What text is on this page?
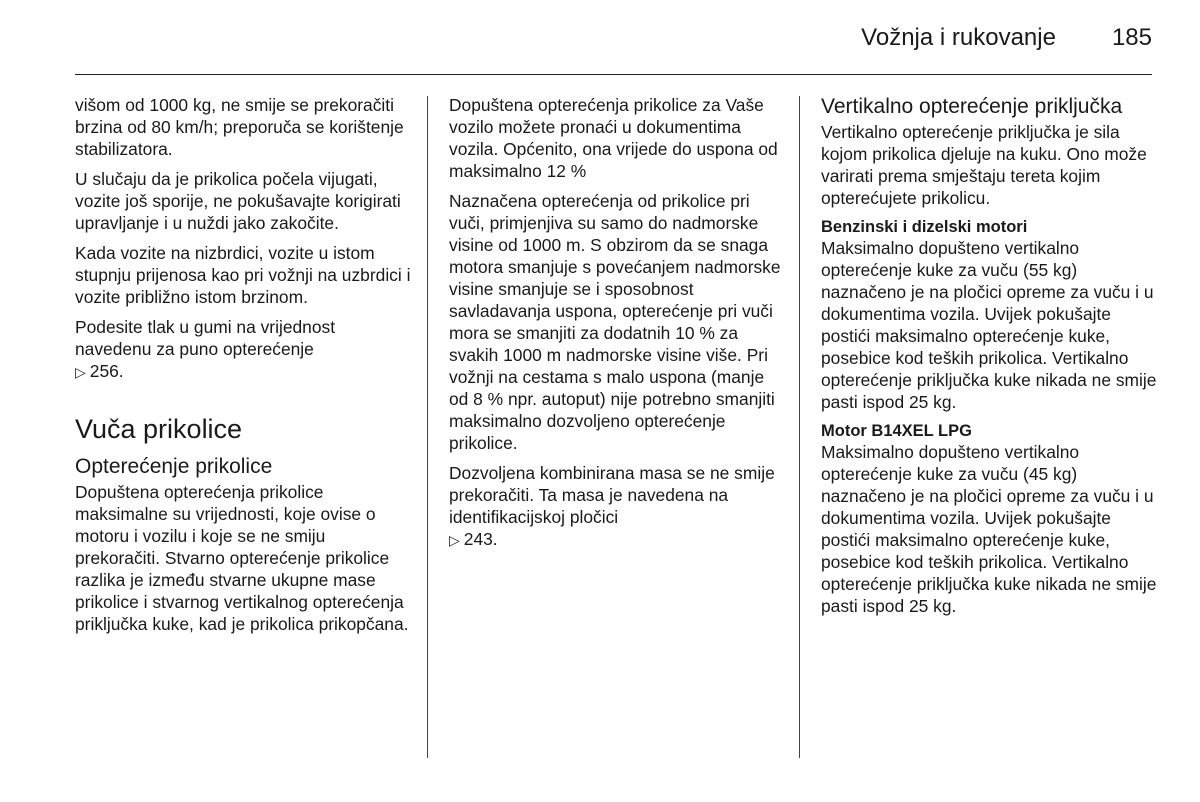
Vožnja i rukovanje 185

višom od 1000 kg, ne smije se prekoračiti brzina od 80 km/h; preporuča se korištenje stabilizatora.

U slučaju da je prikolica počela vijugati, vozite još sporije, ne pokušavajte korigirati upravljanje i u nuždi jako zakočite.

Kada vozite na nizbrdici, vozite u istom stupnju prijenosa kao pri vožnji na uzbrdici i vozite približno istom brzinom.

Podesite tlak u gumi na vrijednost navedenu za puno opterećenje
▷ 256.

Vuča prikolice
Opterećenje prikolice

Dopuštena opterećenja prikolice maksimalne su vrijednosti, koje ovise o motoru i vozilu i koje se ne smiju prekoračiti. Stvarno opterećenje prikolice razlika je između stvarne ukupne mase prikolice i stvarnog vertikalnog opterećenja priključka kuke, kad je prikolica prikopčana.

Dopuštena opterećenja prikolice za Vaše vozilo možete pronaći u dokumentima vozila. Općenito, ona vrijede do uspona od maksimalno 12 %

Naznačena opterećenja od prikolice pri vuči, primjenjiva su samo do nadmorske visine od 1000 m. S obzirom da se snaga motora smanjuje s povećanjem nadmorske visine smanjuje se i sposobnost savladavanja uspona, opterećenje pri vuči mora se smanjiti za dodatnih 10 % za svakih 1000 m nadmorske visine više. Pri vožnji na cestama s malo uspona (manje od 8 % npr. autoput) nije potrebno smanjiti maksimalno dozvoljeno opterećenje prikolice.

Dozvoljena kombinirana masa se ne smije prekoračiti. Ta masa je navedena na identifikacijskoj pločici
▷ 243.

Vertikalno opterećenje priključka

Vertikalno opterećenje priključka je sila kojom prikolica djeluje na kuku. Ono može varirati prema smještaju tereta kojim opterećujete prikolicu.

Benzinski i dizelski motori

Maksimalno dopušteno vertikalno opterećenje kuke za vuču (55 kg) naznačeno je na pločici opreme za vuču i u dokumentima vozila. Uvijek pokušajte postići maksimalno opterećenje kuke, posebice kod teških prikolica. Vertikalno opterećenje priključka kuke nikada ne smije pasti ispod 25 kg.

Motor B14XEL LPG

Maksimalno dopušteno vertikalno opterećenje kuke za vuču (45 kg) naznačeno je na pločici opreme za vuču i u dokumentima vozila. Uvijek pokušajte postići maksimalno opterećenje kuke, posebice kod teških prikolica. Vertikalno opterećenje priključka kuke nikada ne smije pasti ispod 25 kg.
